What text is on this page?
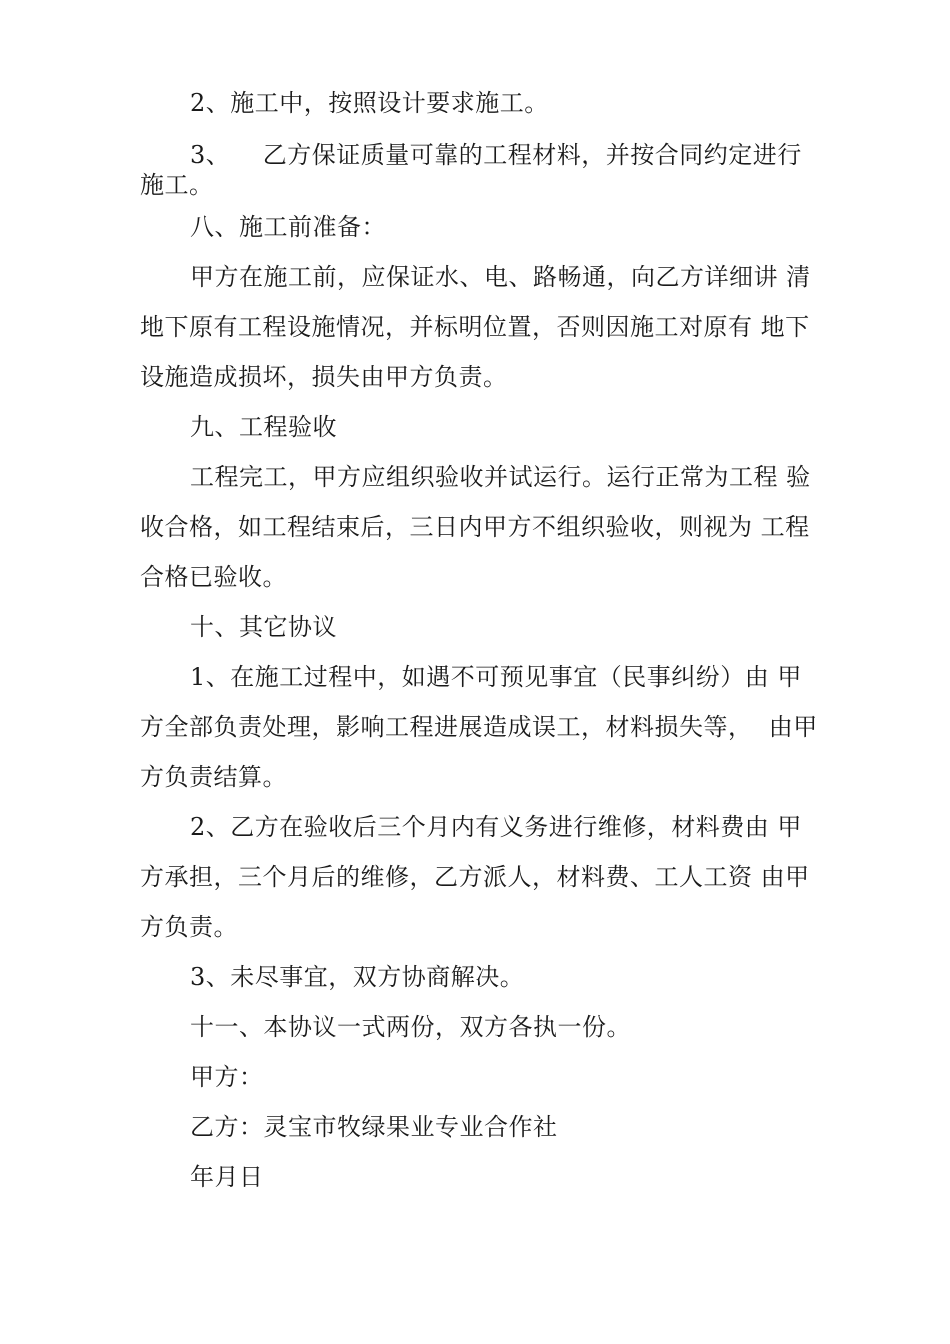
2、施工中，按照设计要求施工。
3、    乙方保证质量可靠的工程材料，并按合同约定进行
施工。
八、施工前准备：
甲方在施工前，应保证水、电、路畅通，向乙方详细讲 清
地下原有工程设施情况，并标明位置，否则因施工对原有 地下
设施造成损坏，损失由甲方负责。
九、工程验收
工程完工，甲方应组织验收并试运行。运行正常为工程 验
收合格，如工程结束后，三日内甲方不组织验收，则视为 工程
合格已验收。
十、其它协议
1、在施工过程中，如遇不可预见事宜（民事纠纷）由 甲
方全部负责处理，影响工程进展造成误工，材料损失等，  由甲
方负责结算。
2、乙方在验收后三个月内有义务进行维修，材料费由 甲
方承担，三个月后的维修，乙方派人，材料费、工人工资 由甲
方负责。
3、未尽事宜，双方协商解决。
十一、本协议一式两份，双方各执一份。
甲方：
乙方：灵宝市牧绿果业专业合作社
年月日
